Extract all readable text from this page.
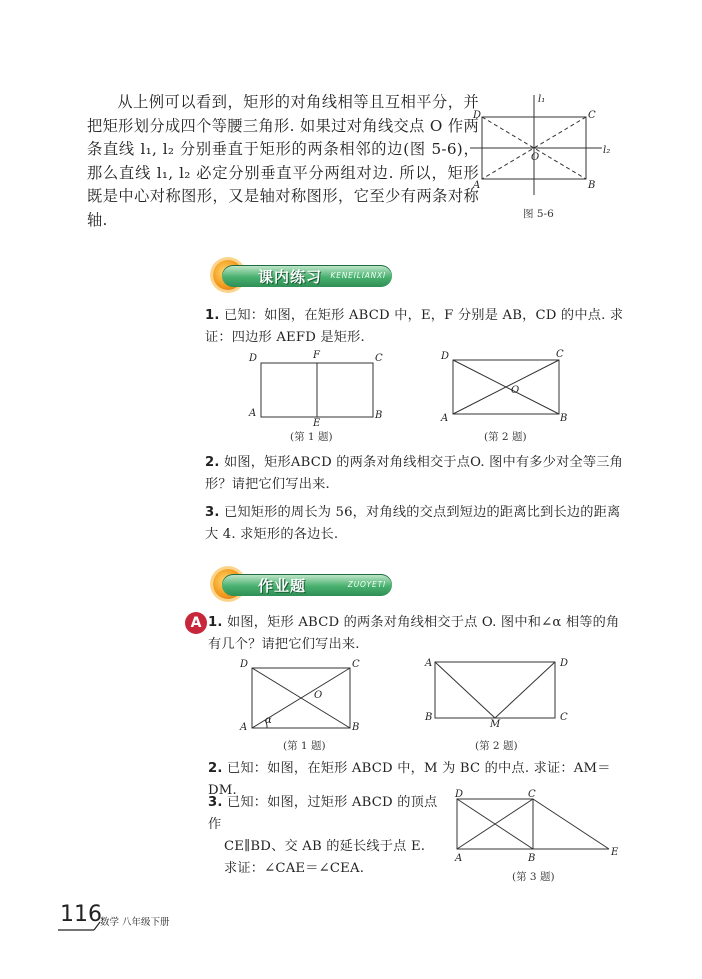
从上例可以看到，矩形的对角线相等且互相平分，并把矩形划分成四个等腰三角形. 如果过对角线交点 O 作两条直线 l₁, l₂ 分别垂直于矩形的两条相邻的边(图 5-6)，那么直线 l₁, l₂ 必定分别垂直平分两组对边. 所以，矩形既是中心对称图形，又是轴对称图形，它至少有两条对称轴.
D	C
A	B
O
l₁
l₂
图 5-6
课内练习 KENEILIANXI
1. 已知：如图，在矩形 ABCD 中，E，F 分别是 AB，CD 的中点. 求证：四边形 AEFD 是矩形.
D	F	C
A
E
B
(第 1 题)
D	C
O
A	B
(第 2 题)
2. 如图，矩形ABCD 的两条对角线相交于点O. 图中有多少对全等三角形？请把它们写出来.
3. 已知矩形的周长为 56，对角线的交点到短边的距离比到长边的距离大 4. 求矩形的各边长.
作业题	ZUOYETI
A 1. 如图，矩形 ABCD 的两条对角线相交于点 O. 图中和∠α 相等的角有几个？请把它们写出来.
D	C
O
A	B
α
(第 1 题)
A	D
B
M
C
(第 2 题)
2. 已知：如图，在矩形 ABCD 中，M 为 BC 的中点. 求证：AM＝DM.
3. 已知：如图，过矩形 ABCD 的顶点作
CE∥BD、交 AB 的延长线于点 E.
求证：∠CAE＝∠CEA.
D	C
A	B
E
(第 3 题)
116
数学 八年级下册
